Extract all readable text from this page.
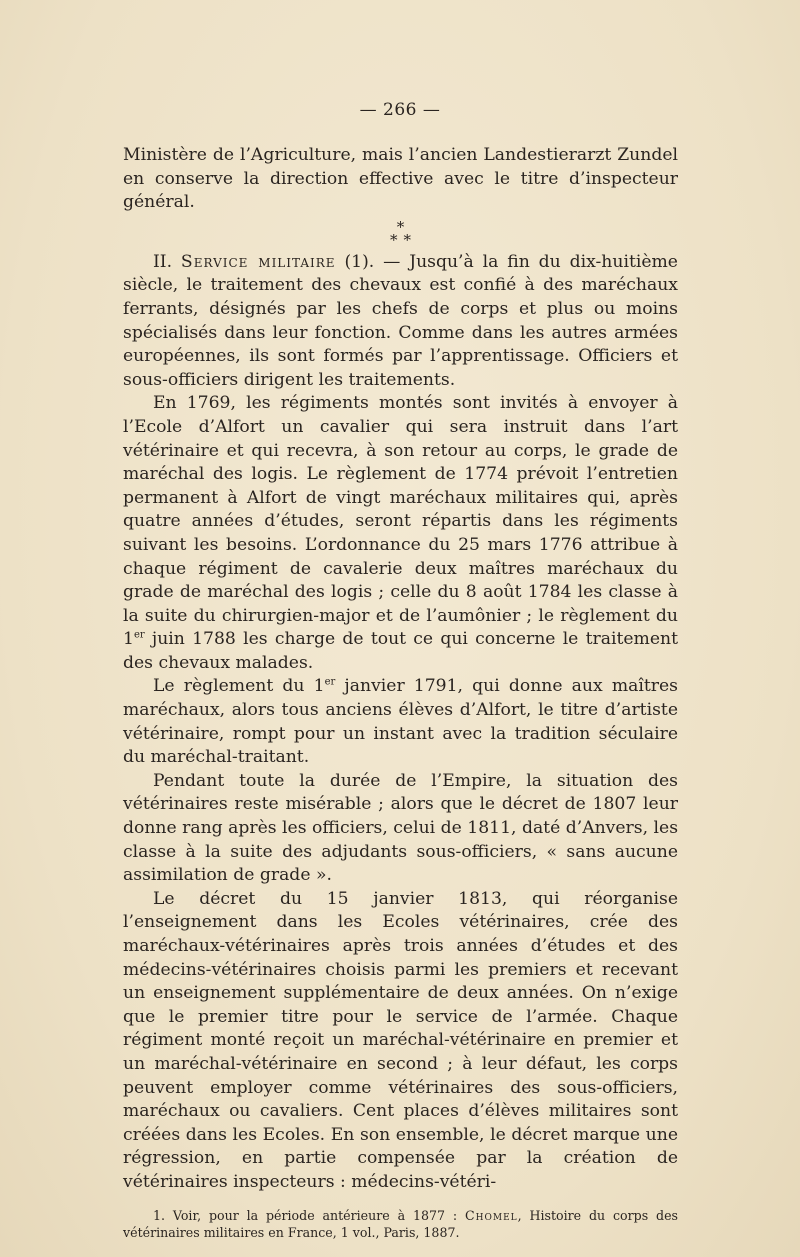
— 266 —

Ministère de l’Agriculture, mais l’ancien Landestierarzt Zundel en conserve la direction effective avec le titre d’inspecteur général.

*
**

II. Service militaire (1). — Jusqu’à la fin du dix-huitième siècle, le traitement des chevaux est confié à des maréchaux ferrants, désignés par les chefs de corps et plus ou moins spécialisés dans leur fonction. Comme dans les autres armées européennes, ils sont formés par l’apprentissage. Officiers et sous-officiers dirigent les traitements.

En 1769, les régiments montés sont invités à envoyer à l’Ecole d’Alfort un cavalier qui sera instruit dans l’art vétérinaire et qui recevra, à son retour au corps, le grade de maréchal des logis. Le règlement de 1774 prévoit l’entretien permanent à Alfort de vingt maréchaux militaires qui, après quatre années d’études, seront répartis dans les régiments suivant les besoins. L’ordonnance du 25 mars 1776 attribue à chaque régiment de cavalerie deux maîtres maréchaux du grade de maréchal des logis ; celle du 8 août 1784 les classe à la suite du chirurgien-major et de l’aumônier ; le règlement du 1er juin 1788 les charge de tout ce qui concerne le traitement des chevaux malades.

Le règlement du 1er janvier 1791, qui donne aux maîtres maréchaux, alors tous anciens élèves d’Alfort, le titre d’artiste vétérinaire, rompt pour un instant avec la tradition séculaire du maréchal-traitant.

Pendant toute la durée de l’Empire, la situation des vétérinaires reste misérable ; alors que le décret de 1807 leur donne rang après les officiers, celui de 1811, daté d’Anvers, les classe à la suite des adjudants sous-officiers, « sans aucune assimilation de grade ».

Le décret du 15 janvier 1813, qui réorganise l’enseignement dans les Ecoles vétérinaires, crée des maréchaux-vétérinaires après trois années d’études et des médecins-vétérinaires choisis parmi les premiers et recevant un enseignement supplémentaire de deux années. On n’exige que le premier titre pour le service de l’armée. Chaque régiment monté reçoit un maréchal-vétérinaire en premier et un maréchal-vétérinaire en second ; à leur défaut, les corps peuvent employer comme vétérinaires des sous-officiers, maréchaux ou cavaliers. Cent places d’élèves militaires sont créées dans les Ecoles. En son ensemble, le décret marque une régression, en partie compensée par la création de vétérinaires inspecteurs : médecins-vétéri-

1. Voir, pour la période antérieure à 1877 : Chomel, Histoire du corps des vétérinaires militaires en France, 1 vol., Paris, 1887.
